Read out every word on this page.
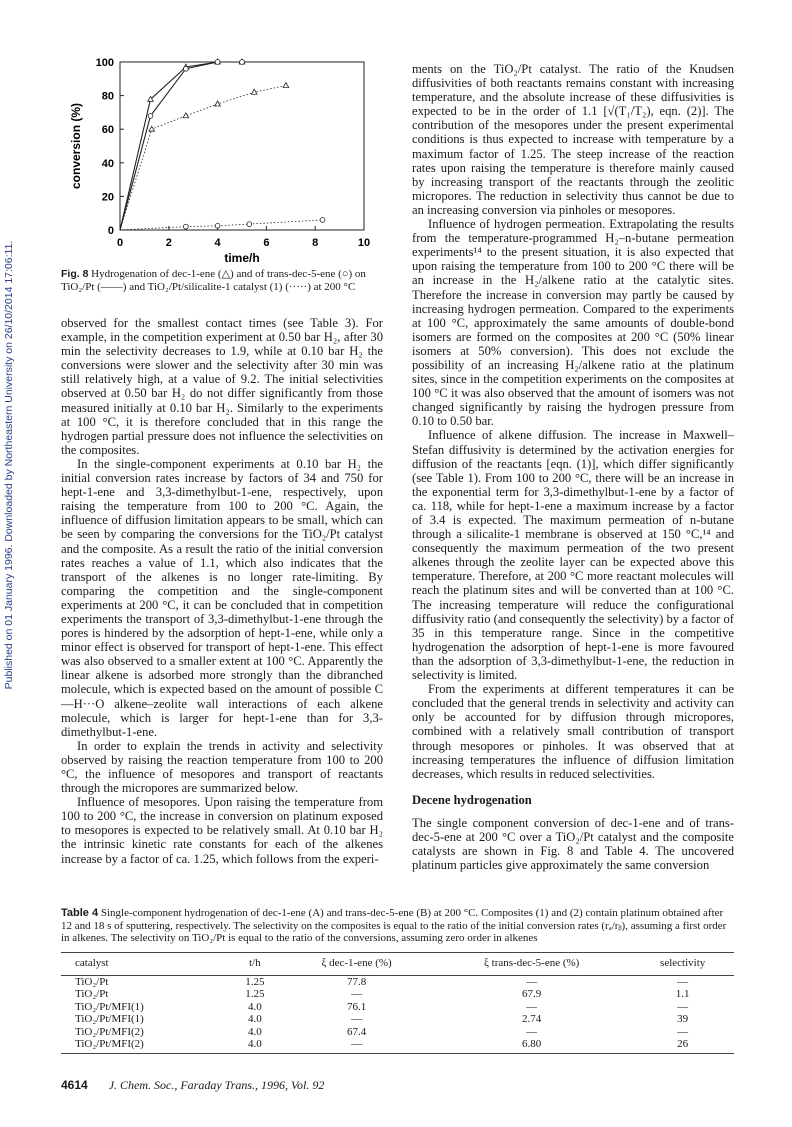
Published on 01 January 1996. Downloaded by Northeastern University on 26/10/2014 17:06:11.	0	2	4	6	8	10
0
20
40
60
80
100
time/h
conversion (%)
Fig. 8 Hydrogenation of dec-1-ene (△) and of trans-dec-5-ene (○) on TiO₂/Pt (——) and TiO₂/Pt/silicalite-1 catalyst (1) (·····) at 200 °C

observed for the smallest contact times (see Table 3). For example, in the competition experiment at 0.50 bar H₂, after 30 min the selectivity decreases to 1.9, while at 0.10 bar H₂ the conversions were slower and the selectivity after 30 min was still relatively high, at a value of 9.2. The initial selectivities observed at 0.50 bar H₂ do not differ significantly from those measured initially at 0.10 bar H₂. Similarly to the experiments at 100 °C, it is therefore concluded that in this range the hydrogen partial pressure does not influence the selectivities on the composites.

In the single-component experiments at 0.10 bar H₂ the initial conversion rates increase by factors of 34 and 750 for hept-1-ene and 3,3-dimethylbut-1-ene, respectively, upon raising the temperature from 100 to 200 °C. Again, the influence of diffusion limitation appears to be small, which can be seen by comparing the conversions for the TiO₂/Pt catalyst and the composite. As a result the ratio of the initial conversion rates reaches a value of 1.1, which also indicates that the transport of the alkenes is no longer rate-limiting. By comparing the competition and the single-component experiments at 200 °C, it can be concluded that in competition experiments the transport of 3,3-dimethylbut-1-ene through the pores is hindered by the adsorption of hept-1-ene, while only a minor effect is observed for transport of hept-1-ene. This effect was also observed to a smaller extent at 100 °C. Apparently the linear alkene is adsorbed more strongly than the dibranched molecule, which is expected based on the amount of possible C—H···O alkene–zeolite wall interactions of each alkene molecule, which is larger for hept-1-ene than for 3,3-dimethylbut-1-ene.

In order to explain the trends in activity and selectivity observed by raising the reaction temperature from 100 to 200 °C, the influence of mesopores and transport of reactants through the micropores are summarized below.

Influence of mesopores. Upon raising the temperature from 100 to 200 °C, the increase in conversion on platinum exposed to mesopores is expected to be relatively small. At 0.10 bar H₂ the intrinsic kinetic rate constants for each of the alkenes increase by a factor of ca. 1.25, which follows from the experi-

ments on the TiO₂/Pt catalyst. The ratio of the Knudsen diffusivities of both reactants remains constant with increasing temperature, and the absolute increase of these diffusivities is expected to be in the order of 1.1 [√(T₁/T₂), eqn. (2)]. The contribution of the mesopores under the present experimental conditions is thus expected to increase with temperature by a maximum factor of 1.25. The steep increase of the reaction rates upon raising the temperature is therefore mainly caused by increasing transport of the reactants through the zeolitic micropores. The reduction in selectivity thus cannot be due to an increasing conversion via pinholes or mesopores.

Influence of hydrogen permeation. Extrapolating the results from the temperature-programmed H₂–n-butane permeation experiments¹⁴ to the present situation, it is also expected that upon raising the temperature from 100 to 200 °C there will be an increase in the H₂/alkene ratio at the catalytic sites. Therefore the increase in conversion may partly be caused by increasing hydrogen permeation. Compared to the experiments at 100 °C, approximately the same amounts of double-bond isomers are formed on the composites at 200 °C (50% linear isomers at 50% conversion). This does not exclude the possibility of an increasing H₂/alkene ratio at the platinum sites, since in the competition experiments on the composites at 100 °C it was also observed that the amount of isomers was not changed significantly by raising the hydrogen pressure from 0.10 to 0.50 bar.

Influence of alkene diffusion. The increase in Maxwell–Stefan diffusivity is determined by the activation energies for diffusion of the reactants [eqn. (1)], which differ significantly (see Table 1). From 100 to 200 °C, there will be an increase in the exponential term for 3,3-dimethylbut-1-ene by a factor of ca. 118, while for hept-1-ene a maximum increase by a factor of 3.4 is expected. The maximum permeation of n-butane through a silicalite-1 membrane is observed at 150 °C,¹⁴ and consequently the maximum permeation of the two present alkenes through the zeolite layer can be expected above this temperature. Therefore, at 200 °C more reactant molecules will reach the platinum sites and will be converted than at 100 °C. The increasing temperature will reduce the configurational diffusivity ratio (and consequently the selectivity) by a factor of 35 in this temperature range. Since in the competitive hydrogenation the adsorption of hept-1-ene is more favoured than the adsorption of 3,3-dimethylbut-1-ene, the reduction in selectivity is limited.

From the experiments at different temperatures it can be concluded that the general trends in selectivity and activity can only be accounted for by diffusion through micropores, combined with a relatively small contribution of transport through mesopores or pinholes. It was observed that at increasing temperatures the influence of diffusion limitation decreases, which results in reduced selectivities.

Decene hydrogenation

The single component conversion of dec-1-ene and of trans-dec-5-ene at 200 °C over a TiO₂/Pt catalyst and the composite catalysts are shown in Fig. 8 and Table 4. The uncovered platinum particles give approximately the same conversion

Table 4 Single-component hydrogenation of dec-1-ene (A) and trans-dec-5-ene (B) at 200 °C. Composites (1) and (2) contain platinum obtained after 12 and 18 s of sputtering, respectively. The selectivity on the composites is equal to the ratio of the initial conversion rates (rₐ/rᵦ), assuming a first order in alkenes. The selectivity on TiO₂/Pt is equal to the ratio of the conversions, assuming zero order in alkenes
catalyst	t/h	ξ dec-1-ene (%)	ξ trans-dec-5-ene (%)	selectivity
TiO₂/Pt	1.25	77.8	—	—
TiO₂/Pt	1.25	—	67.9	1.1
TiO₂/Pt/MFI(1)	4.0	76.1	—	—
TiO₂/Pt/MFI(1)	4.0	—	2.74	39
TiO₂/Pt/MFI(2)	4.0	67.4	—	—
TiO₂/Pt/MFI(2)	4.0	—	6.80	26
4614 J. Chem. Soc., Faraday Trans., 1996, Vol. 92
